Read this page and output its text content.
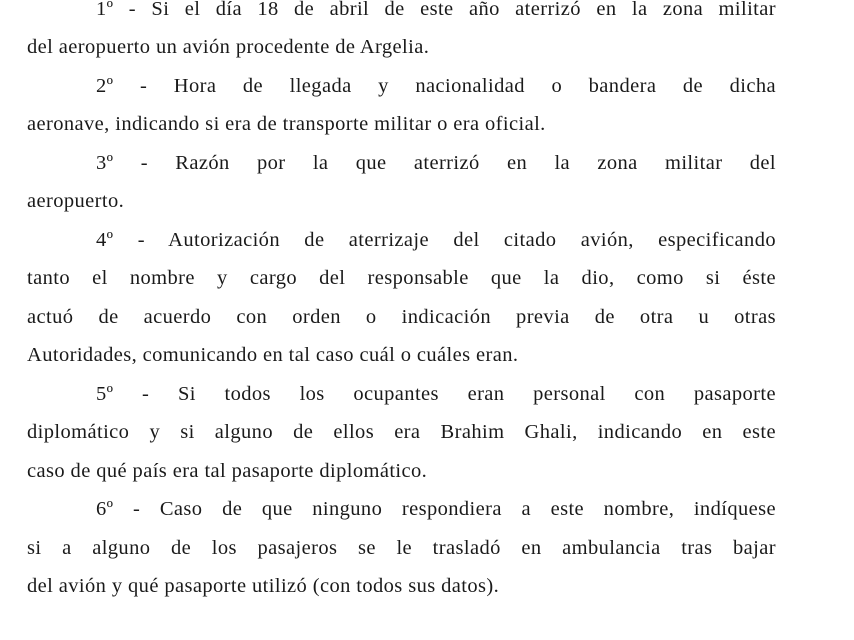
1º - Si el día 18 de abril de este año aterrizó en la zona militar
del aeropuerto un avión procedente de Argelia.
2º - Hora de llegada y nacionalidad o bandera de dicha
aeronave, indicando si era de transporte militar o era oficial.
3º - Razón por la que aterrizó en la zona militar del
aeropuerto.
4º - Autorización de aterrizaje del citado avión, especificando
tanto el nombre y cargo del responsable que la dio, como si éste
actuó de acuerdo con orden o indicación previa de otra u otras
Autoridades, comunicando en tal caso cuál o cuáles eran.
5º - Si todos los ocupantes eran personal con pasaporte
diplomático y si alguno de ellos era Brahim Ghali, indicando en este
caso de qué país era tal pasaporte diplomático.
6º - Caso de que ninguno respondiera a este nombre, indíquese
si a alguno de los pasajeros se le trasladó en ambulancia tras bajar
del avión y qué pasaporte utilizó (con todos sus datos).
